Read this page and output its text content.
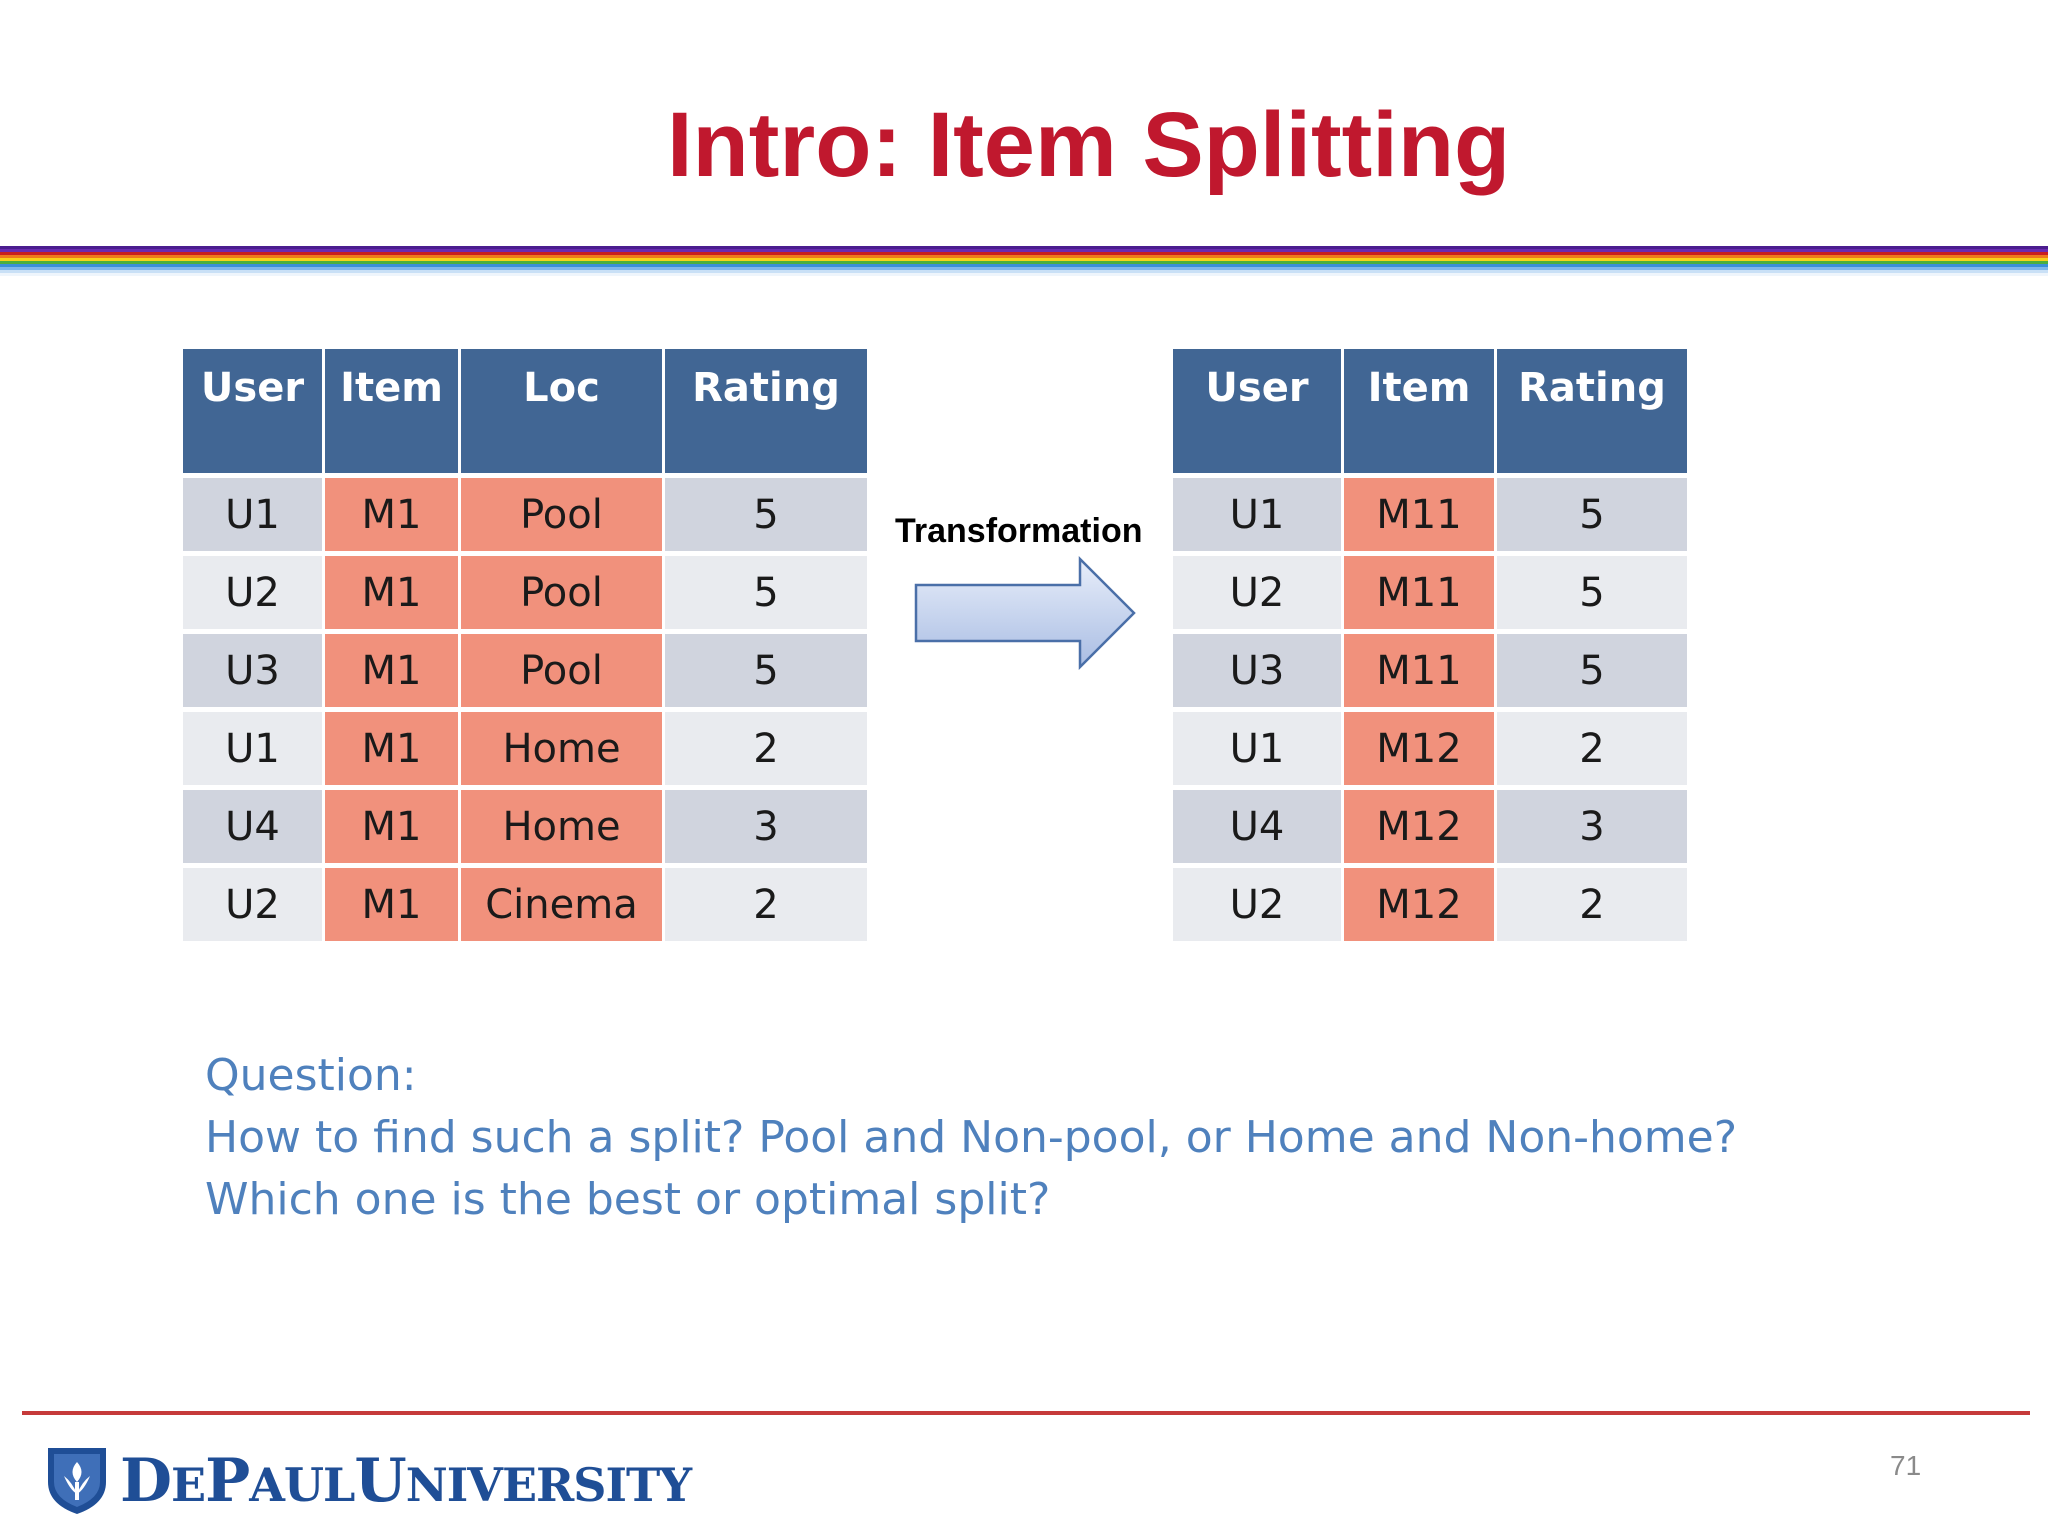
Intro: Item Splitting
User	Item	Loc	Rating
U1	M1	Pool	5
U2	M1	Pool	5
U3	M1	Pool	5
U1	M1	Home	2
U4	M1	Home	3
U2	M1	Cinema	2
Transformation
User	Item	Rating
U1	M11	5
U2	M11	5
U3	M11	5
U1	M12	2
U4	M12	3
U2	M12	2
Question:
How to find such a split? Pool and Non-pool, or Home and Non-home?
Which one is the best or optimal split?
DEPAULUNIVERSITY	71
